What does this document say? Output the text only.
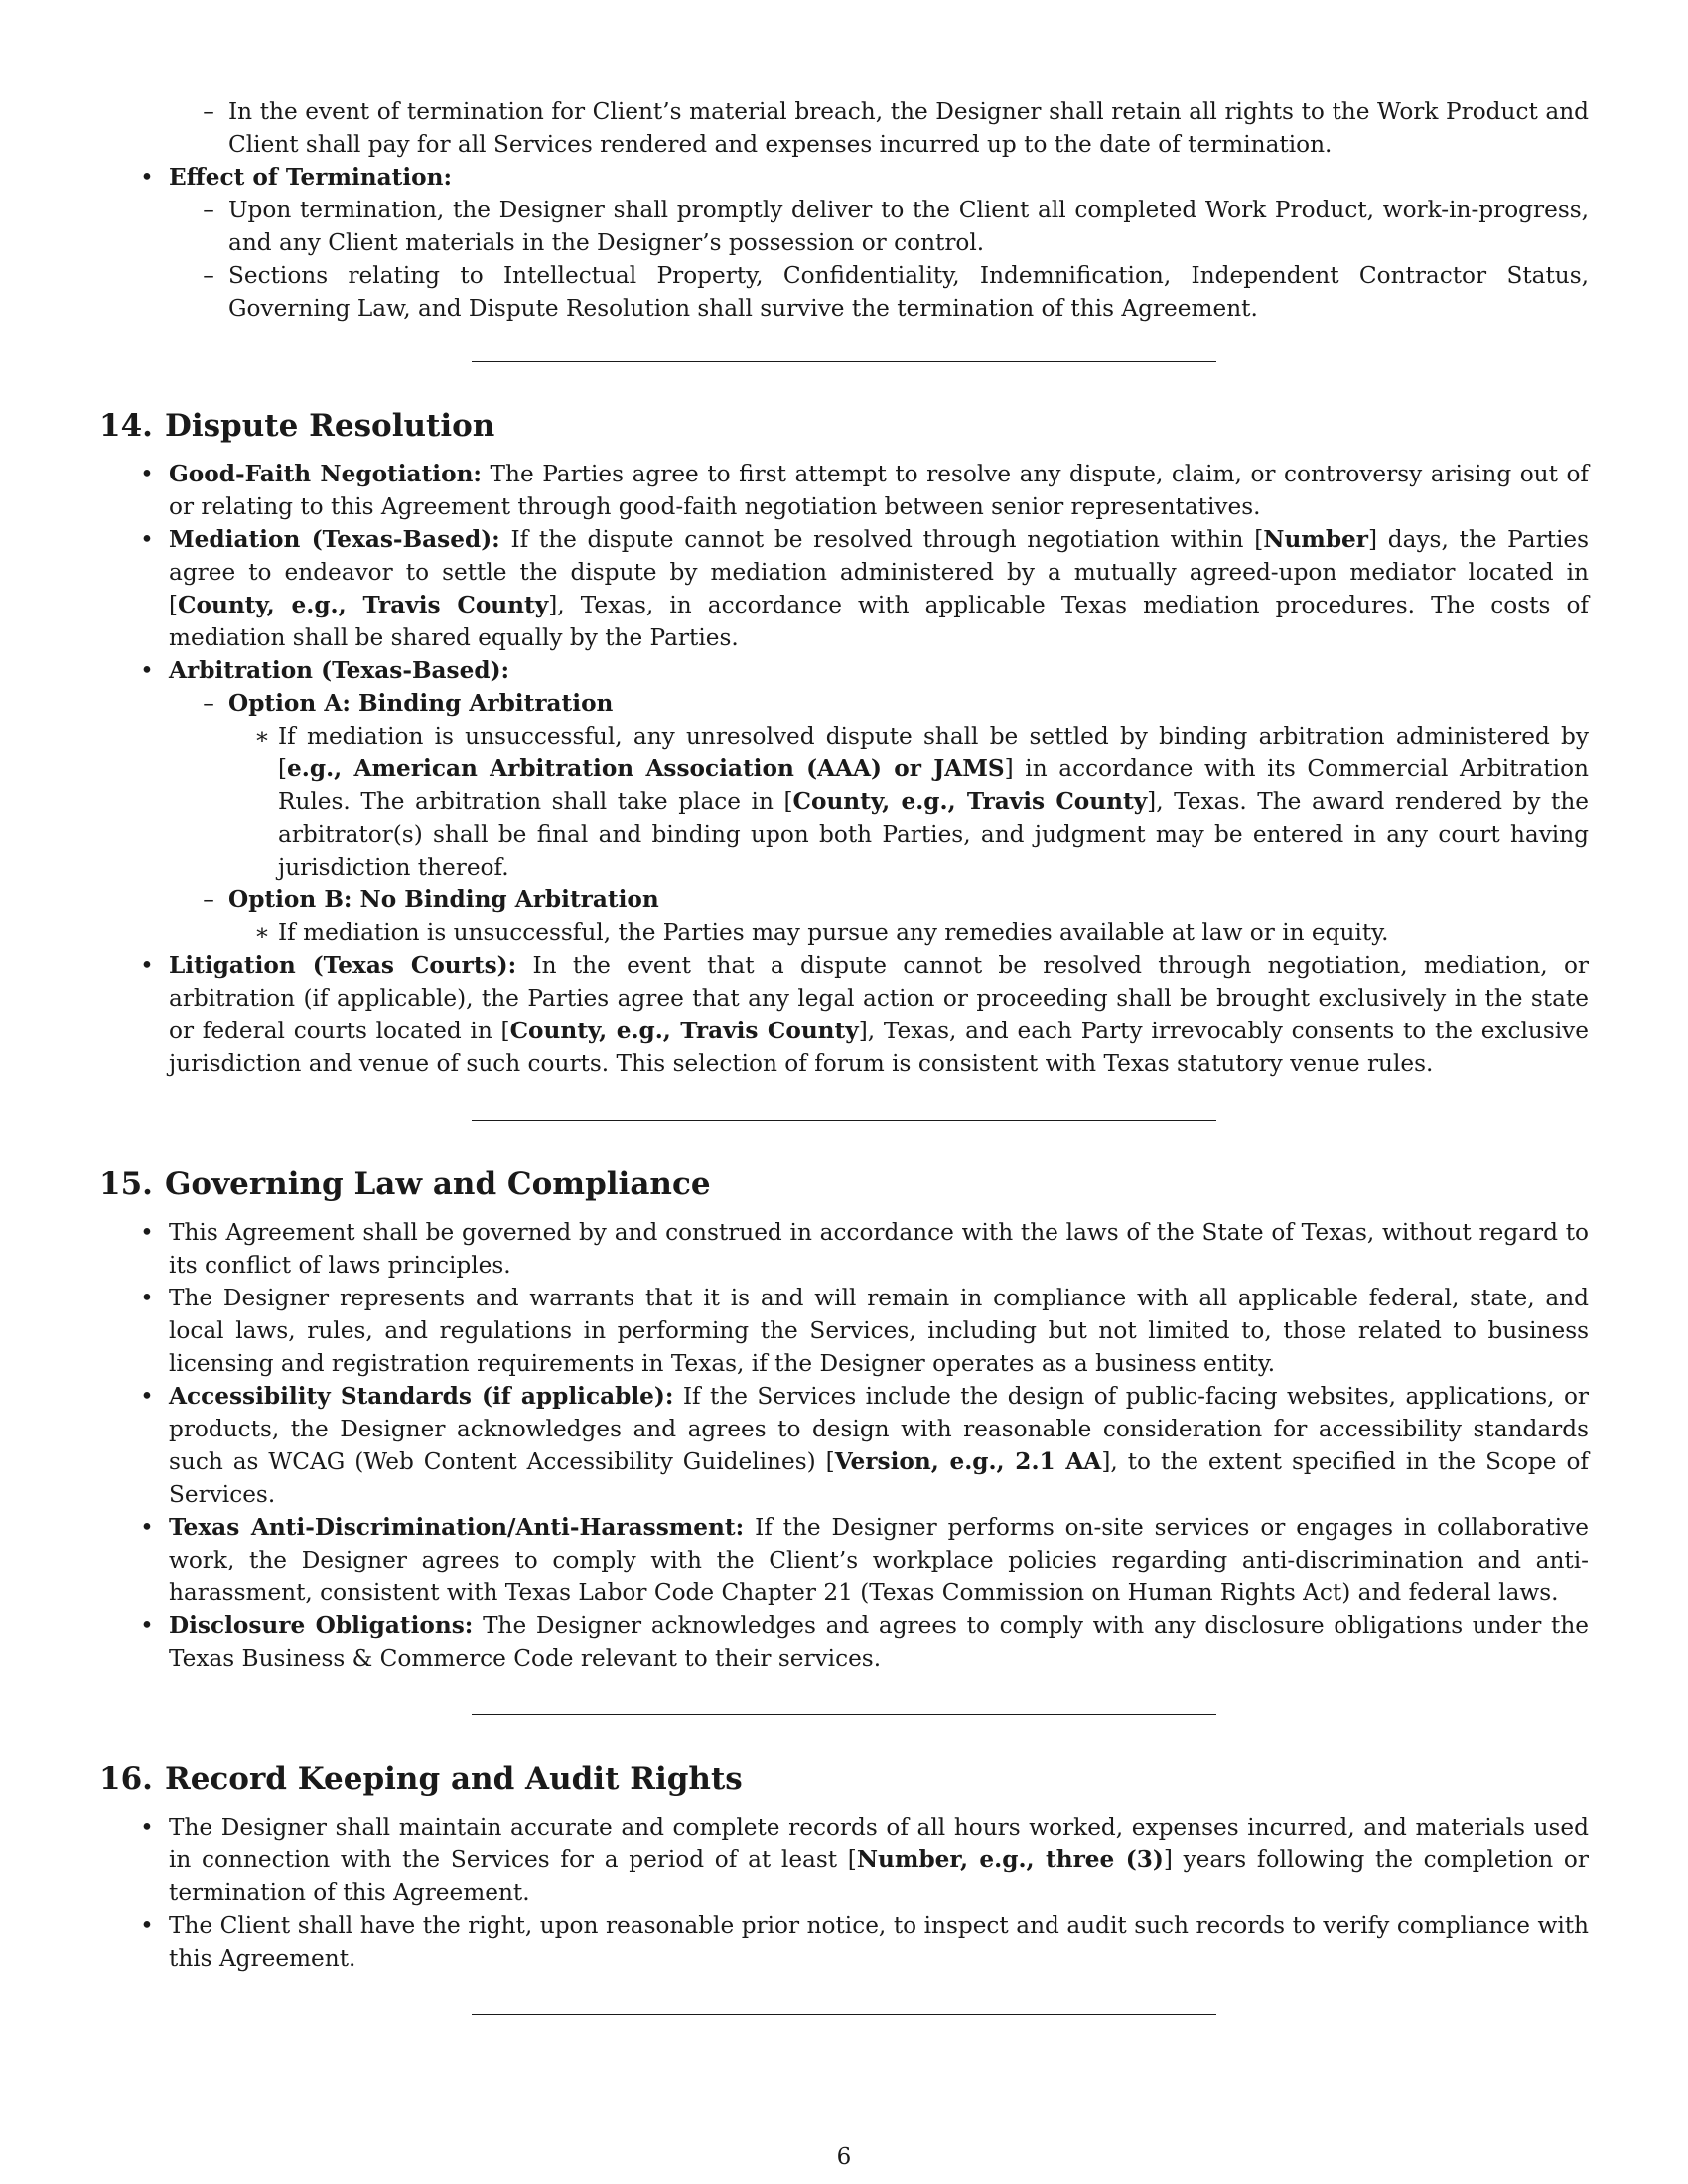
– In the event of termination for Client’s material breach, the Designer shall retain all rights to the Work Product and Client shall pay for all Services rendered and expenses incurred up to the date of termination.

• Effect of Termination:

– Upon termination, the Designer shall promptly deliver to the Client all completed Work Product, work-in-progress, and any Client materials in the Designer’s possession or control.

– Sections relating to Intellectual Property, Confidentiality, Indemnification, Independent Contractor Status, Governing Law, and Dispute Resolution shall survive the termination of this Agreement.

14. Dispute Resolution
• Good-Faith Negotiation: The Parties agree to first attempt to resolve any dispute, claim, or controversy arising out of or relating to this Agreement through good-faith negotiation between senior representatives.

• Mediation (Texas-Based): If the dispute cannot be resolved through negotiation within [Number] days, the Parties agree to endeavor to settle the dispute by mediation administered by a mutually agreed-upon mediator located in [County, e.g., Travis County], Texas, in accordance with applicable Texas mediation procedures. The costs of mediation shall be shared equally by the Parties.

• Arbitration (Texas-Based):

– Option A: Binding Arbitration

∗ If mediation is unsuccessful, any unresolved dispute shall be settled by binding arbitration administered by [e.g., American Arbitration Association (AAA) or JAMS] in accordance with its Commercial Arbitration Rules. The arbitration shall take place in [County, e.g., Travis County], Texas. The award rendered by the arbitrator(s) shall be final and binding upon both Parties, and judgment may be entered in any court having jurisdiction thereof.

– Option B: No Binding Arbitration

∗ If mediation is unsuccessful, the Parties may pursue any remedies available at law or in equity.

• Litigation (Texas Courts): In the event that a dispute cannot be resolved through negotiation, mediation, or arbitration (if applicable), the Parties agree that any legal action or proceeding shall be brought exclusively in the state or federal courts located in [County, e.g., Travis County], Texas, and each Party irrevocably consents to the exclusive jurisdiction and venue of such courts. This selection of forum is consistent with Texas statutory venue rules.

15. Governing Law and Compliance
• This Agreement shall be governed by and construed in accordance with the laws of the State of Texas, without regard to its conflict of laws principles.

• The Designer represents and warrants that it is and will remain in compliance with all applicable federal, state, and local laws, rules, and regulations in performing the Services, including but not limited to, those related to business licensing and registration requirements in Texas, if the Designer operates as a business entity.

• Accessibility Standards (if applicable): If the Services include the design of public-facing websites, applications, or products, the Designer acknowledges and agrees to design with reasonable consideration for accessibility standards such as WCAG (Web Content Accessibility Guidelines) [Version, e.g., 2.1 AA], to the extent specified in the Scope of Services.

• Texas Anti-Discrimination/Anti-Harassment: If the Designer performs on-site services or engages in collaborative work, the Designer agrees to comply with the Client’s workplace policies regarding anti-discrimination and anti-harassment, consistent with Texas Labor Code Chapter 21 (Texas Commission on Human Rights Act) and federal laws.

• Disclosure Obligations: The Designer acknowledges and agrees to comply with any disclosure obligations under the Texas Business & Commerce Code relevant to their services.

16. Record Keeping and Audit Rights
• The Designer shall maintain accurate and complete records of all hours worked, expenses incurred, and materials used in connection with the Services for a period of at least [Number, e.g., three (3)] years following the completion or termination of this Agreement.

• The Client shall have the right, upon reasonable prior notice, to inspect and audit such records to verify compliance with this Agreement.

6
